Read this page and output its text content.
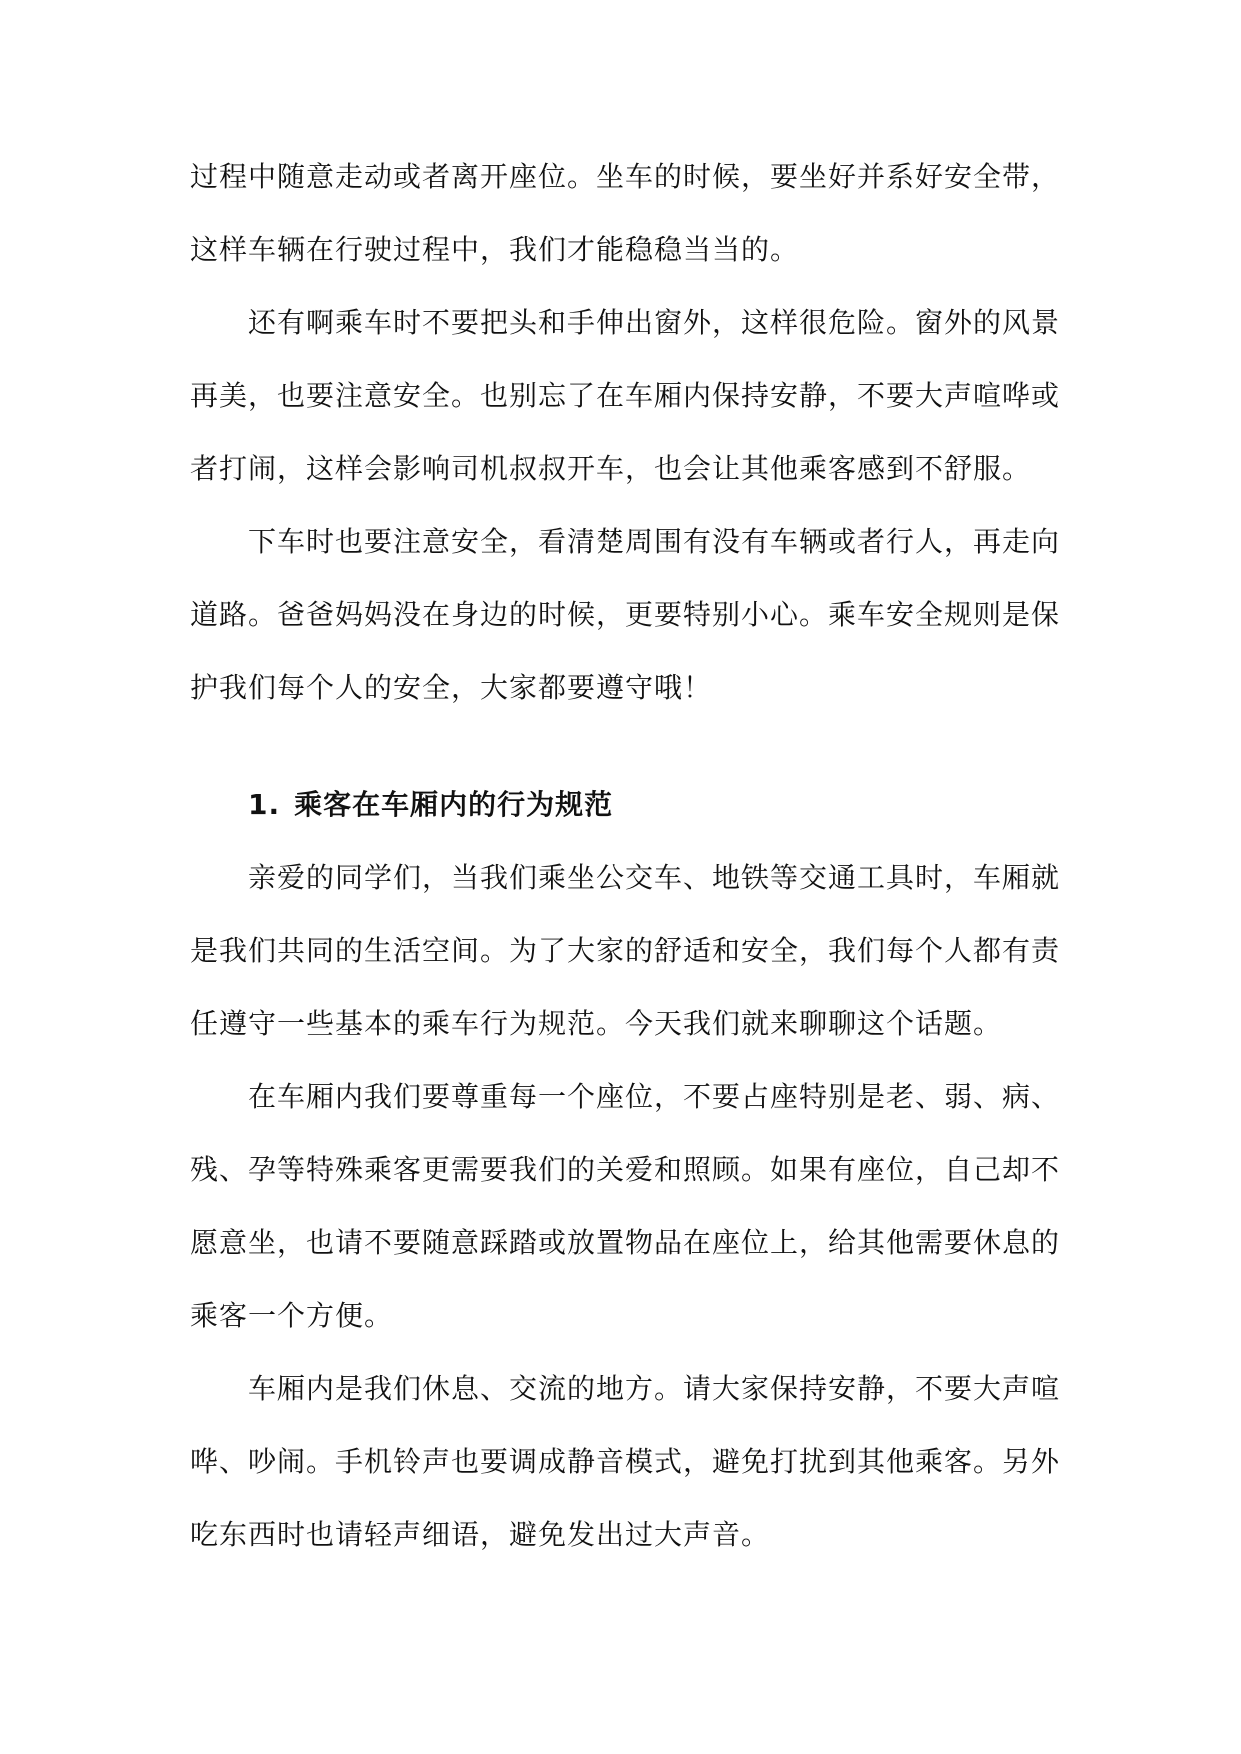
过程中随意走动或者离开座位。坐车的时候，要坐好并系好安全带，这样车辆在行驶过程中，我们才能稳稳当当的。

还有啊乘车时不要把头和手伸出窗外，这样很危险。窗外的风景再美，也要注意安全。也别忘了在车厢内保持安静，不要大声喧哗或者打闹，这样会影响司机叔叔开车，也会让其他乘客感到不舒服。

下车时也要注意安全，看清楚周围有没有车辆或者行人，再走向道路。爸爸妈妈没在身边的时候，更要特别小心。乘车安全规则是保护我们每个人的安全，大家都要遵守哦！

1. 乘客在车厢内的行为规范

亲爱的同学们，当我们乘坐公交车、地铁等交通工具时，车厢就是我们共同的生活空间。为了大家的舒适和安全，我们每个人都有责任遵守一些基本的乘车行为规范。今天我们就来聊聊这个话题。

在车厢内我们要尊重每一个座位，不要占座特别是老、弱、病、残、孕等特殊乘客更需要我们的关爱和照顾。如果有座位，自己却不愿意坐，也请不要随意踩踏或放置物品在座位上，给其他需要休息的乘客一个方便。

车厢内是我们休息、交流的地方。请大家保持安静，不要大声喧哗、吵闹。手机铃声也要调成静音模式，避免打扰到其他乘客。另外吃东西时也请轻声细语，避免发出过大声音。
